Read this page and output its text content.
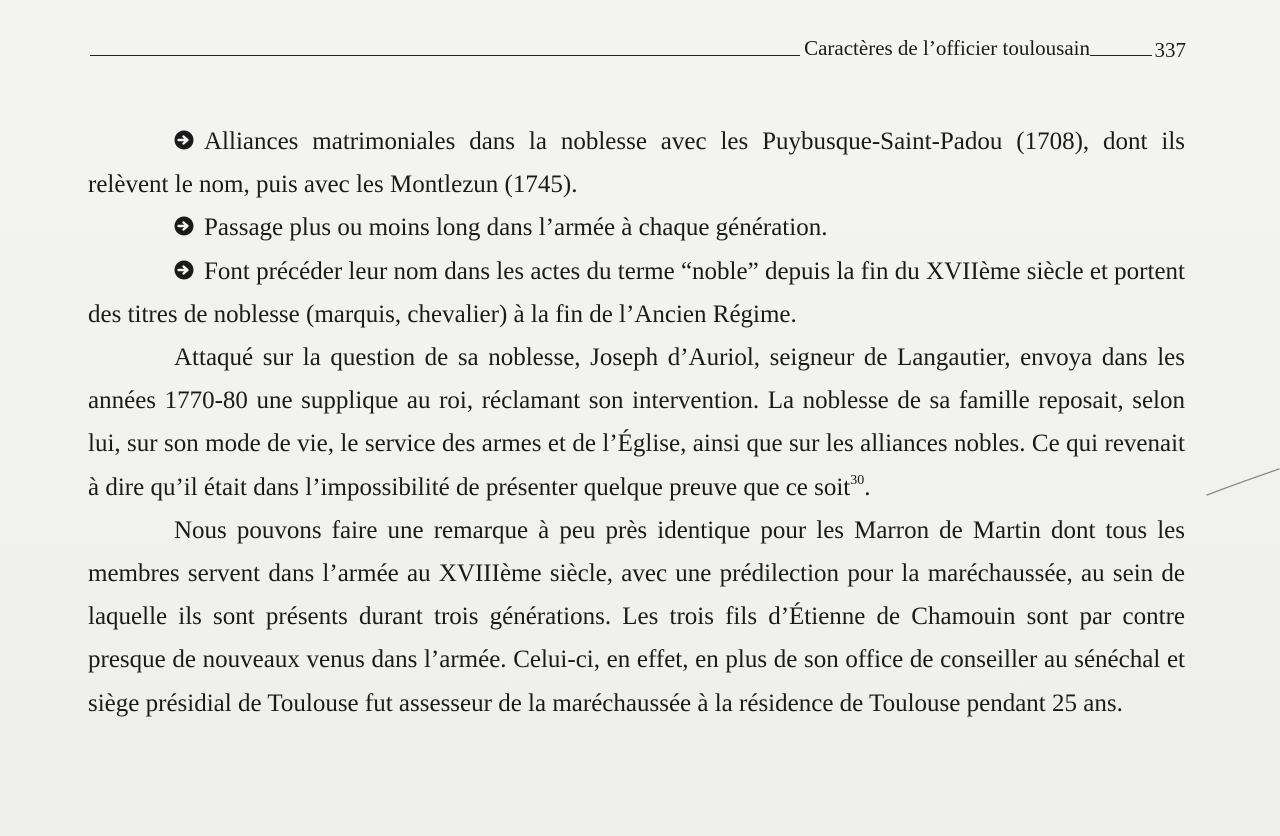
Caractères de l’officier toulousain	337

Alliances matrimoniales dans la noblesse avec les Puybusque-Saint-Padou (1708), dont ils relèvent le nom, puis avec les Montlezun (1745).

Passage plus ou moins long dans l’armée à chaque génération.

Font précéder leur nom dans les actes du terme “noble” depuis la fin du XVIIème siècle et portent des titres de noblesse (marquis, chevalier) à la fin de l’Ancien Régime.

Attaqué sur la question de sa noblesse, Joseph d’Auriol, seigneur de Langautier, envoya dans les années 1770-80 une supplique au roi, réclamant son intervention. La noblesse de sa famille reposait, selon lui, sur son mode de vie, le service des armes et de l’Église, ainsi que sur les alliances nobles. Ce qui revenait à dire qu’il était dans l’impossibilité de présenter quelque preuve que ce soit$^{30}$.

Nous pouvons faire une remarque à peu près identique pour les Marron de Martin dont tous les membres servent dans l’armée au XVIIIème siècle, avec une prédilection pour la maréchaussée, au sein de laquelle ils sont présents durant trois générations. Les trois fils d’Étienne de Chamouin sont par contre presque de nouveaux venus dans l’armée. Celui-ci, en effet, en plus de son office de conseiller au sénéchal et siège présidial de Toulouse fut assesseur de la maréchaussée à la résidence de Toulouse pendant 25 ans.
